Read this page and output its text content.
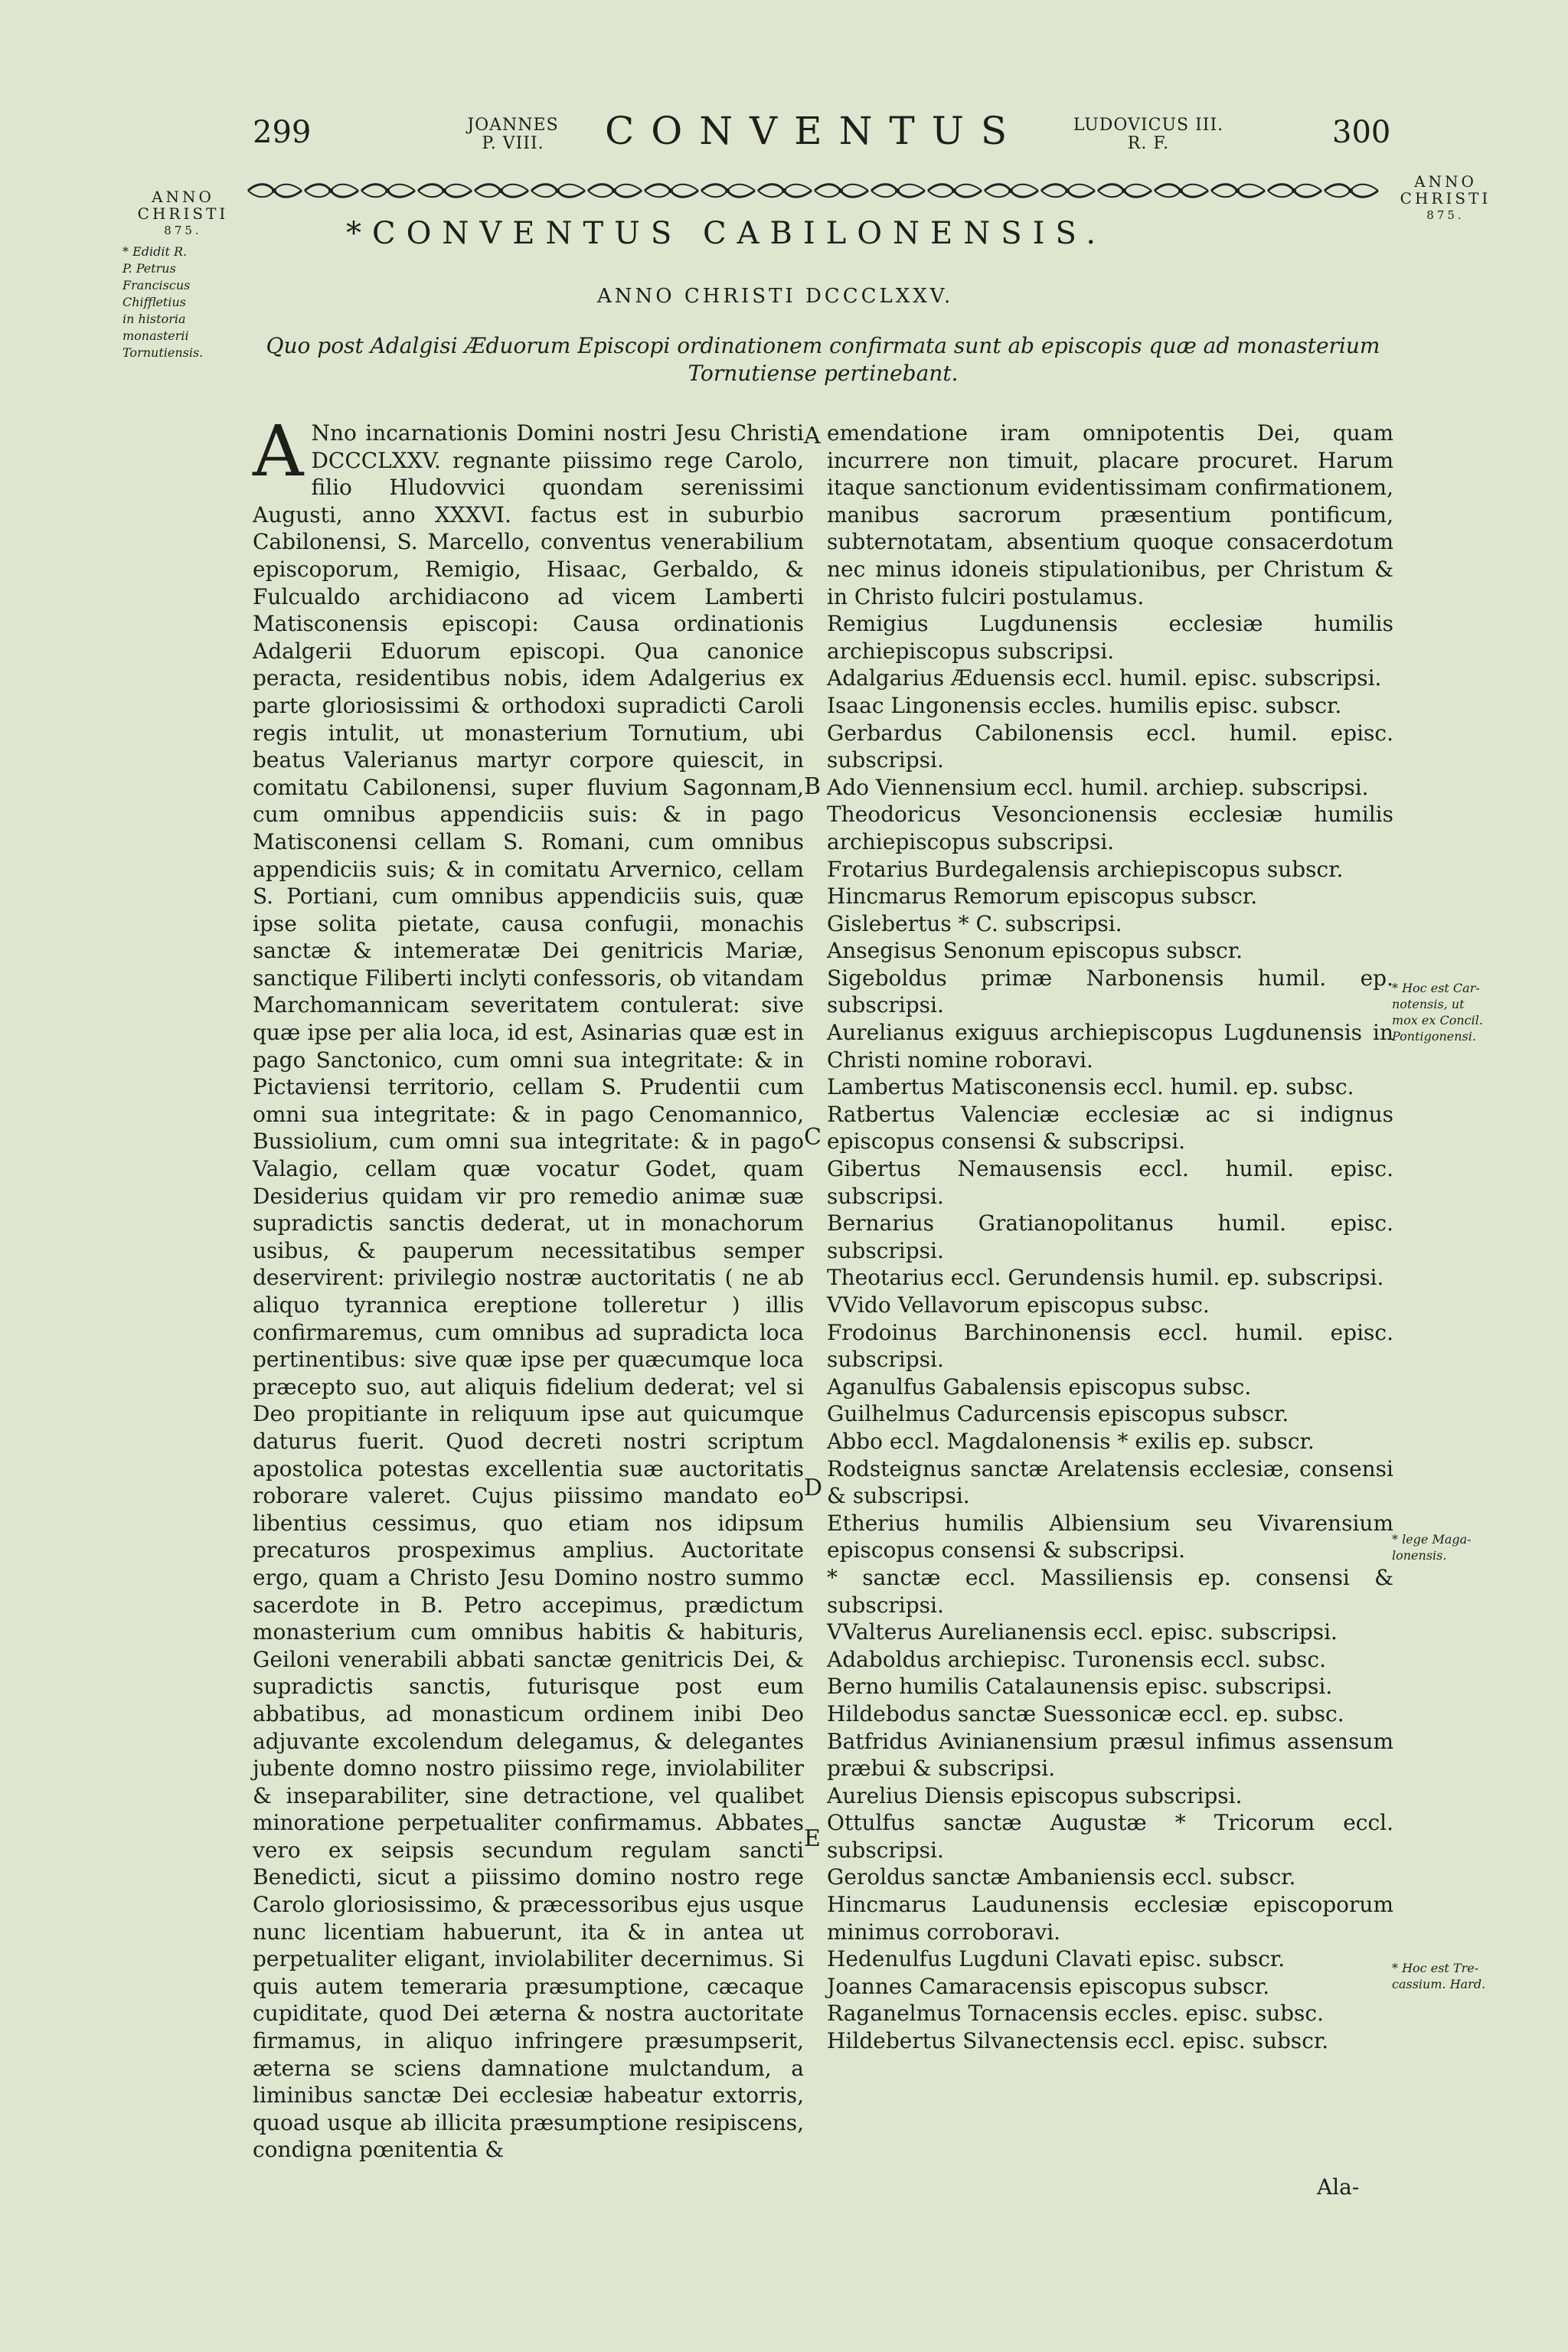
299	JOANNES
P. VIII.	CONVENTUS	LUDOVICUS III.
R. F.	300
ANNO
CHRISTI
875.
* Edidit R.
P. Petrus
Franciscus
Chiffletius
in historia
monasterii
Tornutiensis.
ANNO
CHRISTI
875.
*CONVENTUS CABILONENSIS.
ANNO CHRISTI DCCCLXXV.
Quo post Adalgisi Æduorum Episcopi ordinationem confirmata sunt ab episcopis quæ ad monasterium Tornutiense pertinebant.
A Nno incarnationis Domini nostri Jesu Christi DCCCLXXV. regnante piissimo rege Carolo, filio Hludovvici quondam serenissimi Augusti, anno XXXVI. factus est in suburbio Cabilonensi, S. Marcello, conventus venerabilium episcoporum, Remigio, Hisaac, Gerbaldo, & Fulcualdo archidiacono ad vicem Lamberti Matisconensis episcopi: Causa ordinationis Adalgerii Eduorum episcopi. Qua canonice peracta, residentibus nobis, idem Adalgerius ex parte gloriosissimi & orthodoxi supradicti Caroli regis intulit, ut monasterium Tornutium, ubi beatus Valerianus martyr corpore quiescit, in comitatu Cabilonensi, super fluvium Sagonnam, cum omnibus appendiciis suis: & in pago Matisconensi cellam S. Romani, cum omnibus appendiciis suis; & in comitatu Arvernico, cellam S. Portiani, cum omnibus appendiciis suis, quæ ipse solita pietate, causa confugii, monachis sanctæ & intemeratæ Dei genitricis Mariæ, sanctique Filiberti inclyti confessoris, ob vitandam Marchomannicam severitatem contulerat: sive quæ ipse per alia loca, id est, Asinarias quæ est in pago Sanctonico, cum omni sua integritate: & in Pictaviensi territorio, cellam S. Prudentii cum omni sua integritate: & in pago Cenomannico, Bussiolium, cum omni sua integritate: & in pago Valagio, cellam quæ vocatur Godet, quam Desiderius quidam vir pro remedio animæ suæ supradictis sanctis dederat, ut in monachorum usibus, & pauperum necessitatibus semper deservirent: privilegio nostræ auctoritatis ( ne ab aliquo tyrannica ereptione tolleretur ) illis confirmaremus, cum omnibus ad supradicta loca pertinentibus: sive quæ ipse per quæcumque loca præcepto suo, aut aliquis fidelium dederat; vel si Deo propitiante in reliquum ipse aut quicumque daturus fuerit. Quod decreti nostri scriptum apostolica potestas excellentia suæ auctoritatis roborare valeret. Cujus piissimo mandato eo libentius cessimus, quo etiam nos idipsum precaturos prospeximus amplius. Auctoritate ergo, quam a Christo Jesu Domino nostro summo sacerdote in B. Petro accepimus, prædictum monasterium cum omnibus habitis & habituris, Geiloni venerabili abbati sanctæ genitricis Dei, & supradictis sanctis, futurisque post eum abbatibus, ad monasticum ordinem inibi Deo adjuvante excolendum delegamus, & delegantes jubente domno nostro piissimo rege, inviolabiliter & inseparabiliter, sine detractione, vel qualibet minoratione perpetualiter confirmamus. Abbates vero ex seipsis secundum regulam sancti Benedicti, sicut a piissimo domino nostro rege Carolo gloriosissimo, & præcessoribus ejus usque nunc licentiam habuerunt, ita & in antea ut perpetualiter eligant, inviolabiliter decernimus. Si quis autem temeraria præsumptione, cæcaque cupiditate, quod Dei æterna & nostra auctoritate firmamus, in aliquo infringere præsumpserit, æterna se sciens damnatione mulctandum, a liminibus sanctæ Dei ecclesiæ habeatur extorris, quoad usque ab illicita præsumptione resipiscens, condigna pœnitentia &
A
B
C
D
E
emendatione iram omnipotentis Dei, quam incurrere non timuit, placare procuret. Harum itaque sanctionum evidentissimam confirmationem, manibus sacrorum præsentium pontificum, subternotatam, absentium quoque consacerdotum nec minus idoneis stipulationibus, per Christum & in Christo fulciri postulamus.
Remigius Lugdunensis ecclesiæ humilis archiepiscopus subscripsi.
Adalgarius Æduensis eccl. humil. episc. subscripsi.
Isaac Lingonensis eccles. humilis episc. subscr.
Gerbardus Cabilonensis eccl. humil. episc. subscripsi.
Ado Viennensium eccl. humil. archiep. subscripsi.
Theodoricus Vesoncionensis ecclesiæ humilis archiepiscopus subscripsi.
Frotarius Burdegalensis archiepiscopus subscr.
Hincmarus Remorum episcopus subscr.
Gislebertus * C. subscripsi.
Ansegisus Senonum episcopus subscr.
Sigeboldus primæ Narbonensis humil. ep. subscripsi.
Aurelianus exiguus archiepiscopus Lugdunensis in Christi nomine roboravi.
Lambertus Matisconensis eccl. humil. ep. subsc.
Ratbertus Valenciæ ecclesiæ ac si indignus episcopus consensi & subscripsi.
Gibertus Nemausensis eccl. humil. episc. subscripsi.
Bernarius Gratianopolitanus humil. episc. subscripsi.
Theotarius eccl. Gerundensis humil. ep. subscripsi.
VVido Vellavorum episcopus subsc.
Frodoinus Barchinonensis eccl. humil. episc. subscripsi.
Aganulfus Gabalensis episcopus subsc.
Guilhelmus Cadurcensis episcopus subscr.
Abbo eccl. Magdalonensis * exilis ep. subscr.
Rodsteignus sanctæ Arelatensis ecclesiæ, consensi & subscripsi.
Etherius humilis Albiensium seu Vivarensium episcopus consensi & subscripsi.
* sanctæ eccl. Massiliensis ep. consensi & subscripsi.
VValterus Aurelianensis eccl. episc. subscripsi.
Adaboldus archiepisc. Turonensis eccl. subsc.
Berno humilis Catalaunensis episc. subscripsi.
Hildebodus sanctæ Suessonicæ eccl. ep. subsc.
Batfridus Avinianensium præsul infimus assensum præbui & subscripsi.
Aurelius Diensis episcopus subscripsi.
Ottulfus sanctæ Augustæ * Tricorum eccl. subscripsi.
Geroldus sanctæ Ambaniensis eccl. subscr.
Hincmarus Laudunensis ecclesiæ episcoporum minimus corroboravi.
Hedenulfus Lugduni Clavati episc. subscr.
Joannes Camaracensis episcopus subscr.
Raganelmus Tornacensis eccles. episc. subsc.
Hildebertus Silvanectensis eccl. episc. subscr.
* Hoc est Car-
notensis, ut
mox ex Concil.
Pontigonensi.
* lege Maga-
lonensis.
* Hoc est Tre-
cassium. Hard.
Ala-
